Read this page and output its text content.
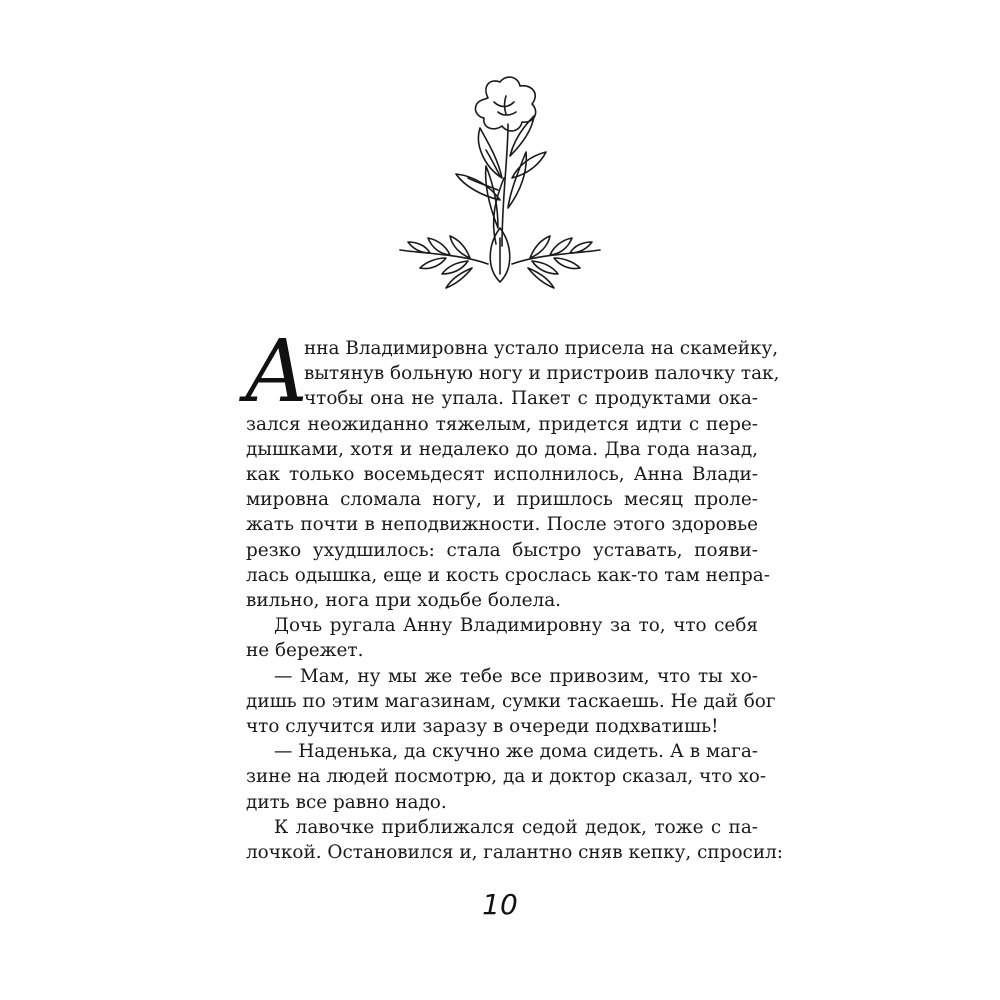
А
нна Владимировна устало присела на скамейку,
вытянув больную ногу и пристроив палочку так,
чтобы она не упала. Пакет с продуктами ока-
зался неожиданно тяжелым, придется идти с пере-
дышками, хотя и недалеко до дома. Два года назад,
как только восемьдесят исполнилось, Анна Влади-
мировна сломала ногу, и пришлось месяц проле-
жать почти в неподвижности. После этого здоровье
резко ухудшилось: стала быстро уставать, появи-
лась одышка, еще и кость срослась как-то там непра-
вильно, нога при ходьбе болела.
Дочь ругала Анну Владимировну за то, что себя
не бережет.
— Мам, ну мы же тебе все привозим, что ты хо-
дишь по этим магазинам, сумки таскаешь. Не дай бог
что случится или заразу в очереди подхватишь!
— Наденька, да скучно же дома сидеть. А в мага-
зине на людей посмотрю, да и доктор сказал, что хо-
дить все равно надо.
К лавочке приближался седой дедок, тоже с па-
лочкой. Остановился и, галантно сняв кепку, спросил:
10
